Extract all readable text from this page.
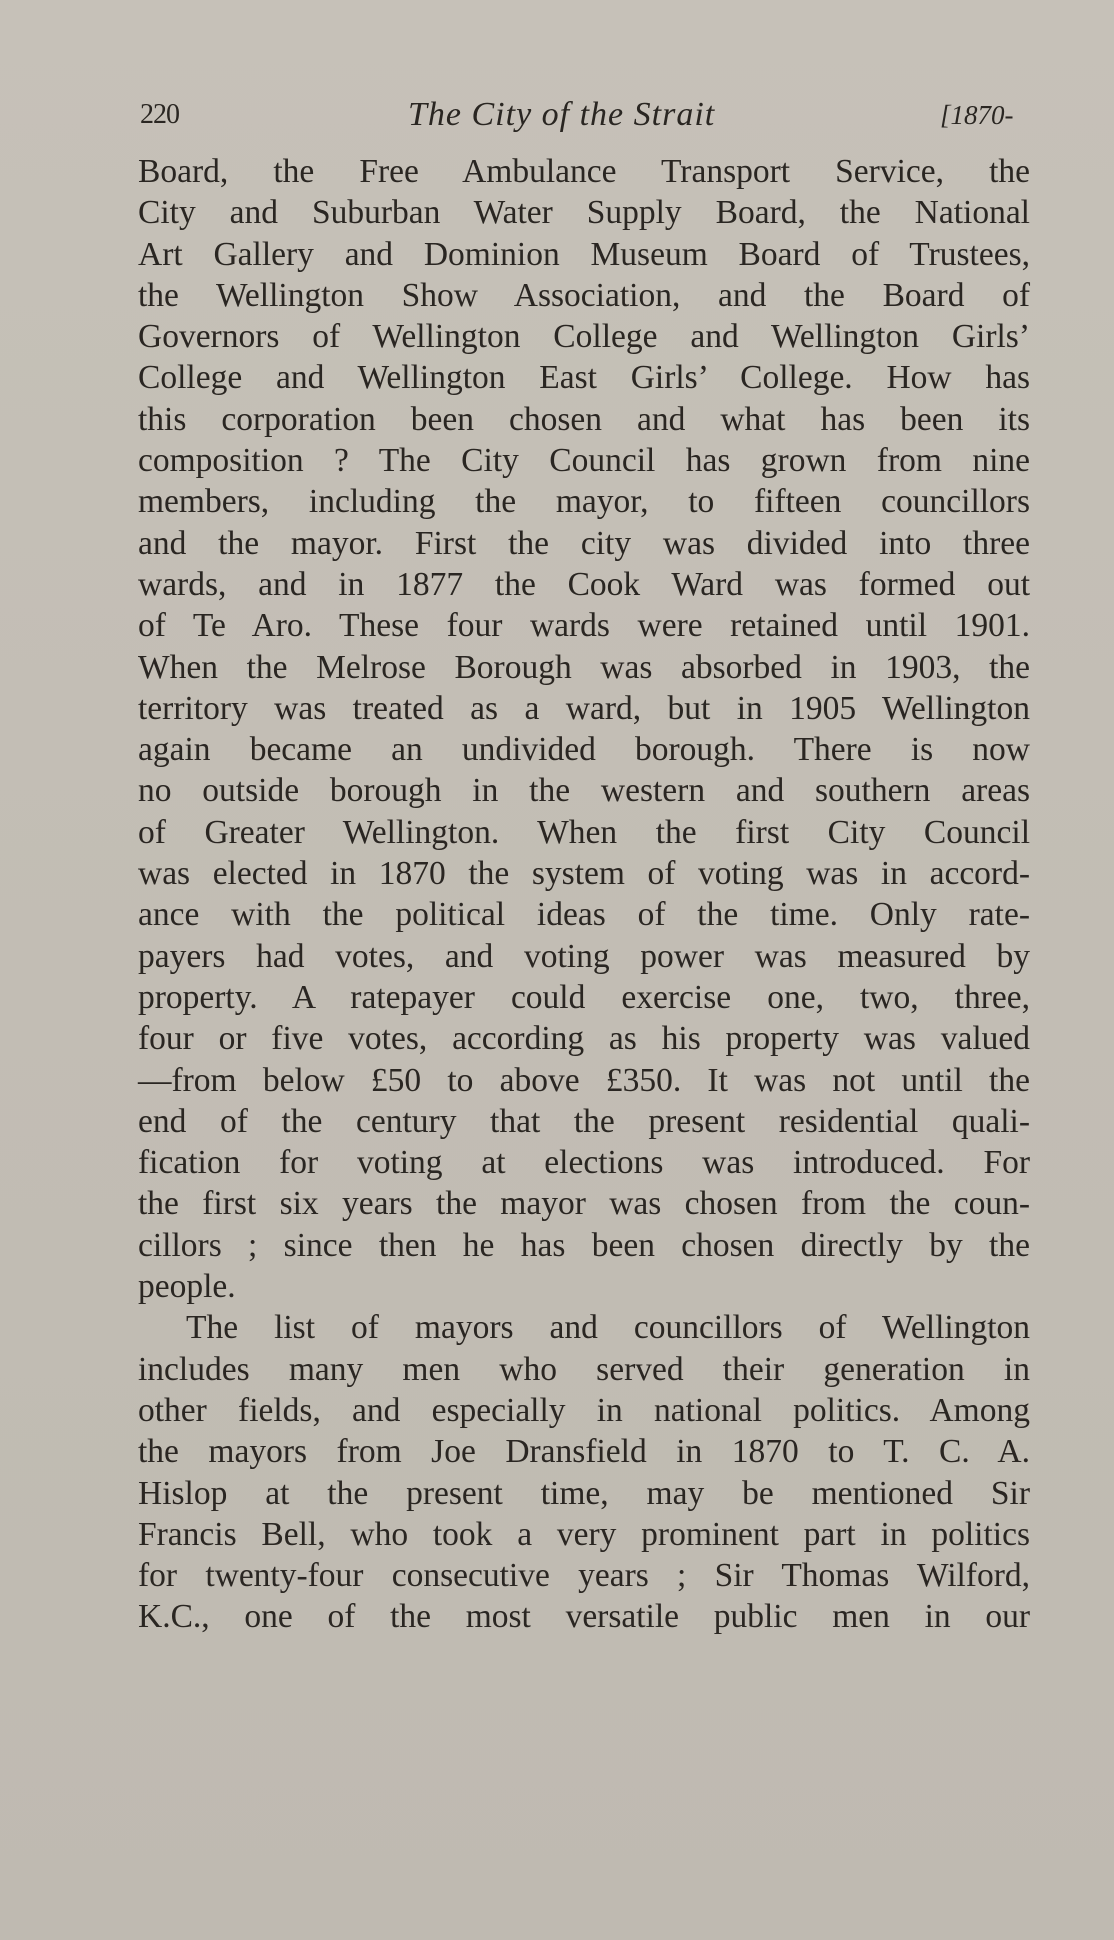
220	The City of the Strait	[1870-
Board, the Free Ambulance Transport Service, the
City and Suburban Water Supply Board, the National
Art Gallery and Dominion Museum Board of Trustees,
the Wellington Show Association, and the Board of
Governors of Wellington College and Wellington Girls’
College and Wellington East Girls’ College. How has
this corporation been chosen and what has been its
composition ? The City Council has grown from nine
members, including the mayor, to fifteen councillors
and the mayor. First the city was divided into three
wards, and in 1877 the Cook Ward was formed out
of Te Aro. These four wards were retained until 1901.
When the Melrose Borough was absorbed in 1903, the
territory was treated as a ward, but in 1905 Wellington
again became an undivided borough. There is now
no outside borough in the western and southern areas
of Greater Wellington. When the first City Council
was elected in 1870 the system of voting was in accord-
ance with the political ideas of the time. Only rate-
payers had votes, and voting power was measured by
property. A ratepayer could exercise one, two, three,
four or five votes, according as his property was valued
—from below £50 to above £350. It was not until the
end of the century that the present residential quali-
fication for voting at elections was introduced. For
the first six years the mayor was chosen from the coun-
cillors ; since then he has been chosen directly by the
people.
The list of mayors and councillors of Wellington
includes many men who served their generation in
other fields, and especially in national politics. Among
the mayors from Joe Dransfield in 1870 to T. C. A.
Hislop at the present time, may be mentioned Sir
Francis Bell, who took a very prominent part in politics
for twenty-four consecutive years ; Sir Thomas Wilford,
K.C., one of the most versatile public men in our
